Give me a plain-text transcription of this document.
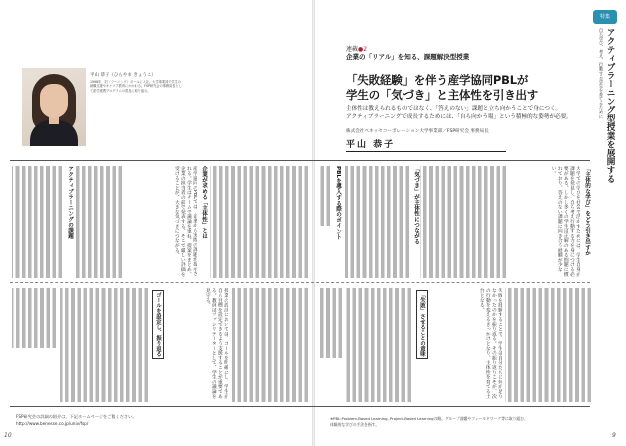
平山 恭子（ひらやま きょうこ）
1998年、旧（ラーニング）ポールに入社。大学事業部で学生の就職支援やキャリア教育にかかわる。FSP研究会の事務局長として産学連携プログラムの普及に取り組む。
連載●2
企業の「リアル」を知る、課題解決型授業
「失敗経験」を伴う産学協同PBLが
学生の「気づき」と主体性を引き出す
主体性は教えられるものではなく、「答えのない」課題と立ち向かうことで身につく。
アクティブラーニングで成長するためには、「自ら向かう場」という積極的な姿勢が必要。
株式会社ベネッセコーポレーション大学事業部／FSP研究会 事務局長
平山 恭子
特集
自ら学び、考え、行動する学生を育てるために アクティブラーニング型授業を展開する
「主体的な学び」をどう引き出すか
大学での学びを社会で活かすためには、学生自身が課題を発見し、自ら考え行動する力を身につける必要がある。しかし多くの学生は正解のある問題に慣れており、答えのない課題に向き合う経験が少ない。
「気づき」が主体性につながる
PBLを導入する際のポイント
企業が求める「主体性」とは
産学協同のPBLでは、企業から実際の課題が提示される。学生はチームで議論を重ね、提案をまとめ、企業の担当者の前で発表する。そこで厳しい評価を受けることが、大きな気づきにつながる。
アクティブラーニングの課題
失敗を経験することで、学生は自分たちに何が足りなかったのかを振り返る。その振り返りこそが、次の行動を変えるきっかけとなり、主体性を育てる土台となる。
「失敗」させることの意味
授業の設計においては、ゴールを明確にし、学生が自ら目標を設定できるよう支援することが重要である。教員はファシリテーターとして、学生の議論を見守る。
ゴールを設定し、振り返る
FSP研究会の詳細の紹介は、下記ホームページをご覧ください。
http://www.benesse.co.jp/univ/fsp/
※PBL:Problem-Based Learning, Project-Based Learningの略。グループ課題やフィールドワーク等に取り組む、
体験的な学びの手法を指す。
10	9
